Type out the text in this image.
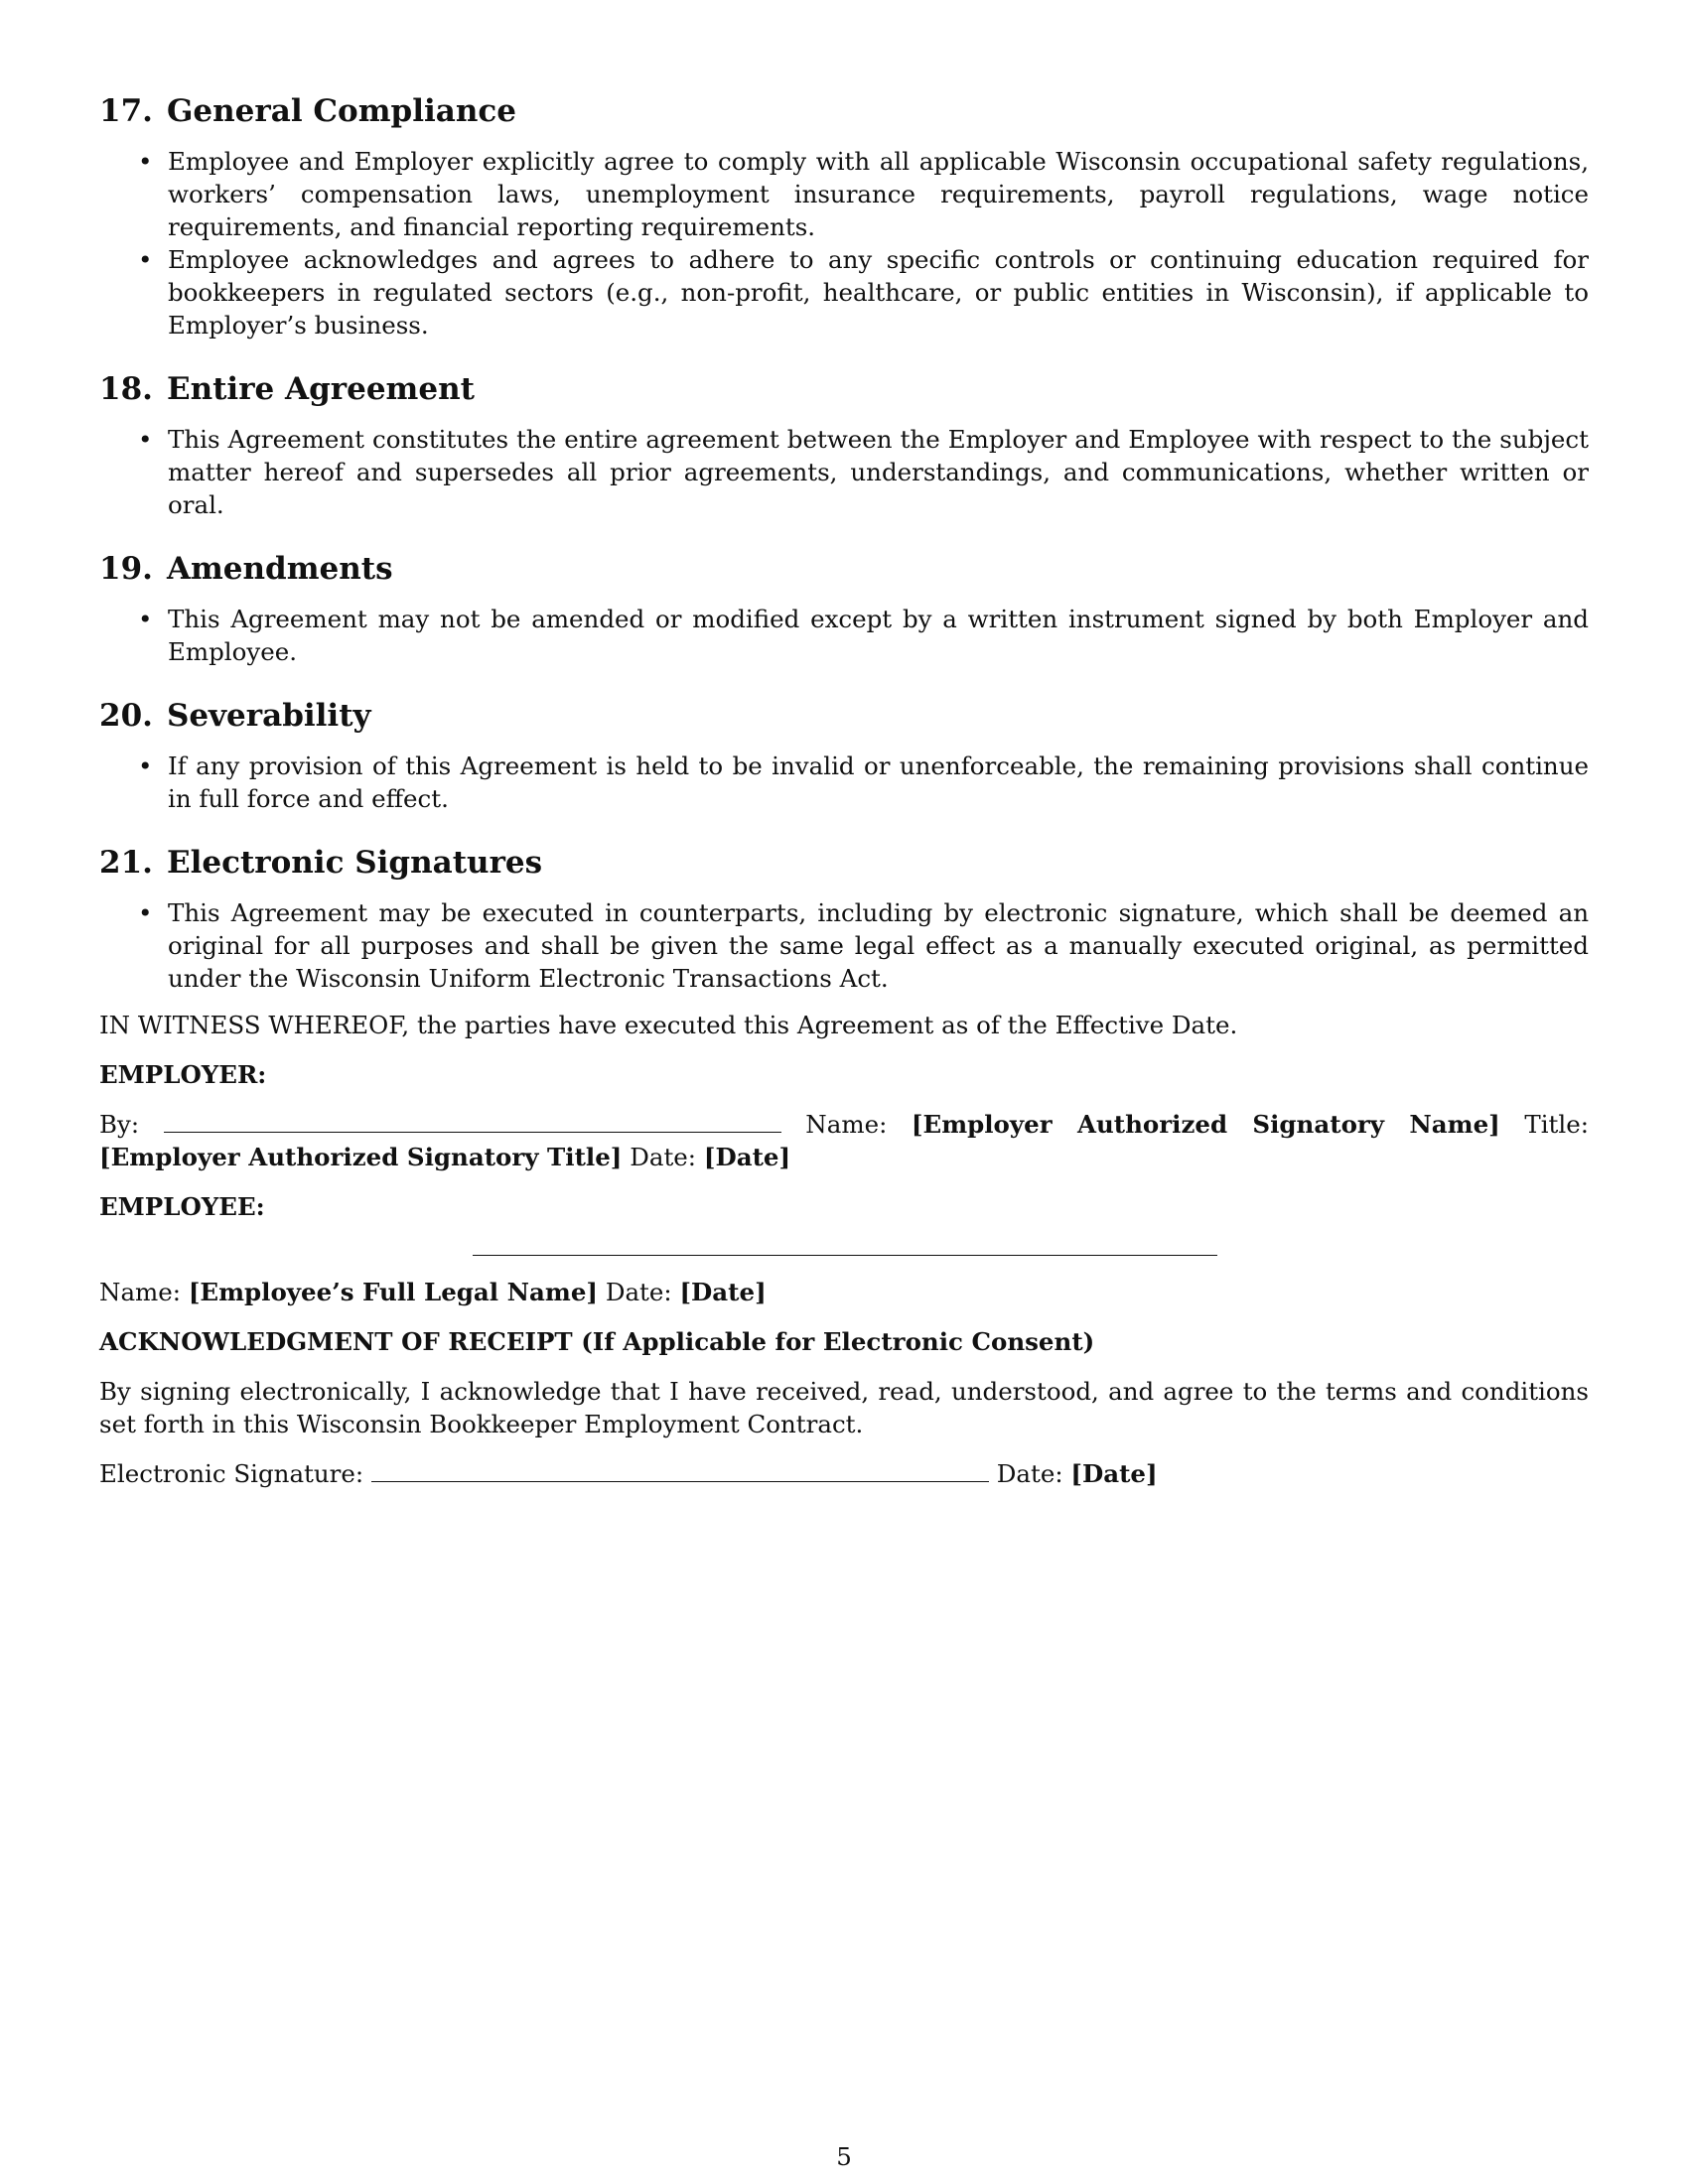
17. General Compliance
• Employee and Employer explicitly agree to comply with all applicable Wisconsin occupational safety regulations, workers’ compensation laws, unemployment insurance requirements, payroll regulations, wage notice requirements, and financial reporting requirements.
• Employee acknowledges and agrees to adhere to any specific controls or continuing education required for bookkeepers in regulated sectors (e.g., non-profit, healthcare, or public entities in Wisconsin), if applicable to Employer’s business.
18. Entire Agreement
• This Agreement constitutes the entire agreement between the Employer and Employee with respect to the subject matter hereof and supersedes all prior agreements, understandings, and communications, whether written or oral.
19. Amendments
• This Agreement may not be amended or modified except by a written instrument signed by both Employer and Employee.
20. Severability
• If any provision of this Agreement is held to be invalid or unenforceable, the remaining provisions shall continue in full force and effect.
21. Electronic Signatures
• This Agreement may be executed in counterparts, including by electronic signature, which shall be deemed an original for all purposes and shall be given the same legal effect as a manually executed original, as permitted under the Wisconsin Uniform Electronic Transactions Act.

IN WITNESS WHEREOF, the parties have executed this Agreement as of the Effective Date.

EMPLOYER:

By:	Name: [Employer Authorized Signatory Name] Title: [Employer Authorized Signatory Title] Date: [Date]

EMPLOYEE:

Name: [Employee’s Full Legal Name] Date: [Date]

ACKNOWLEDGMENT OF RECEIPT (If Applicable for Electronic Consent)

By signing electronically, I acknowledge that I have received, read, understood, and agree to the terms and conditions set forth in this Wisconsin Bookkeeper Employment Contract.

Electronic Signature:	Date: [Date]

5
